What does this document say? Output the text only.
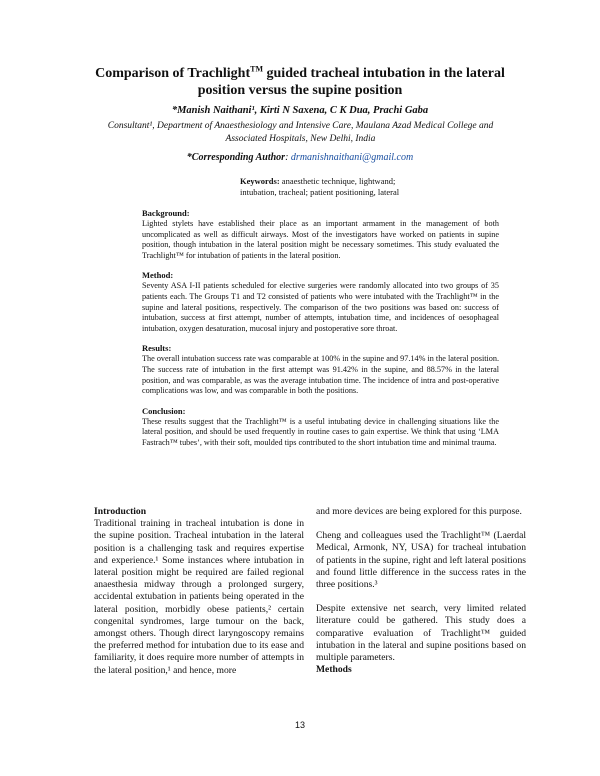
Comparison of Trachlight™ guided tracheal intubation in the lateral
position versus the supine position
*Manish Naithani¹, Kirti N Saxena, C K Dua, Prachi Gaba
Consultant¹, Department of Anaesthesiology and Intensive Care, Maulana Azad Medical College and Associated Hospitals, New Delhi, India
*Corresponding Author: drmanishnaithani@gmail.com
Keywords: anaesthetic technique, lightwand; intubation, tracheal; patient positioning, lateral
Background:

Lighted stylets have established their place as an important armament in the management of both uncomplicated as well as difficult airways. Most of the investigators have worked on patients in supine position, though intubation in the lateral position might be necessary sometimes. This study evaluated the Trachlight™ for intubation of patients in the lateral position.

Method:

Seventy ASA I-II patients scheduled for elective surgeries were randomly allocated into two groups of 35 patients each. The Groups T1 and T2 consisted of patients who were intubated with the Trachlight™ in the supine and lateral positions, respectively. The comparison of the two positions was based on: success of intubation, success at first attempt, number of attempts, intubation time, and incidences of oesophageal intubation, oxygen desaturation, mucosal injury and postoperative sore throat.

Results:

The overall intubation success rate was comparable at 100% in the supine and 97.14% in the lateral position. The success rate of intubation in the first attempt was 91.42% in the supine, and 88.57% in the lateral position, and was comparable, as was the average intubation time. The incidence of intra and post-operative complications was low, and was comparable in both the positions.

Conclusion:

These results suggest that the Trachlight™ is a useful intubating device in challenging situations like the lateral position, and should be used frequently in routine cases to gain expertise. We think that using ‘LMA Fastrach™ tubes’, with their soft, moulded tips contributed to the short intubation time and minimal trauma.

Introduction

Traditional training in tracheal intubation is done in the supine position. Tracheal intubation in the lateral position is a challenging task and requires expertise and experience.¹ Some instances where intubation in lateral position might be required are failed regional anaesthesia midway through a prolonged surgery, accidental extubation in patients being operated in the lateral position, morbidly obese patients,² certain congenital syndromes, large tumour on the back, amongst others. Though direct laryngoscopy remains the preferred method for intubation due to its ease and familiarity, it does require more number of attempts in the lateral position,¹ and hence, more

and more devices are being explored for this purpose.

Cheng and colleagues used the Trachlight™ (Laerdal Medical, Armonk, NY, USA) for tracheal intubation of patients in the supine, right and left lateral positions and found little difference in the success rates in the three positions.³

Despite extensive net search, very limited related literature could be gathered. This study does a comparative evaluation of Trachlight™ guided intubation in the lateral and supine positions based on multiple parameters.

Methods
13
